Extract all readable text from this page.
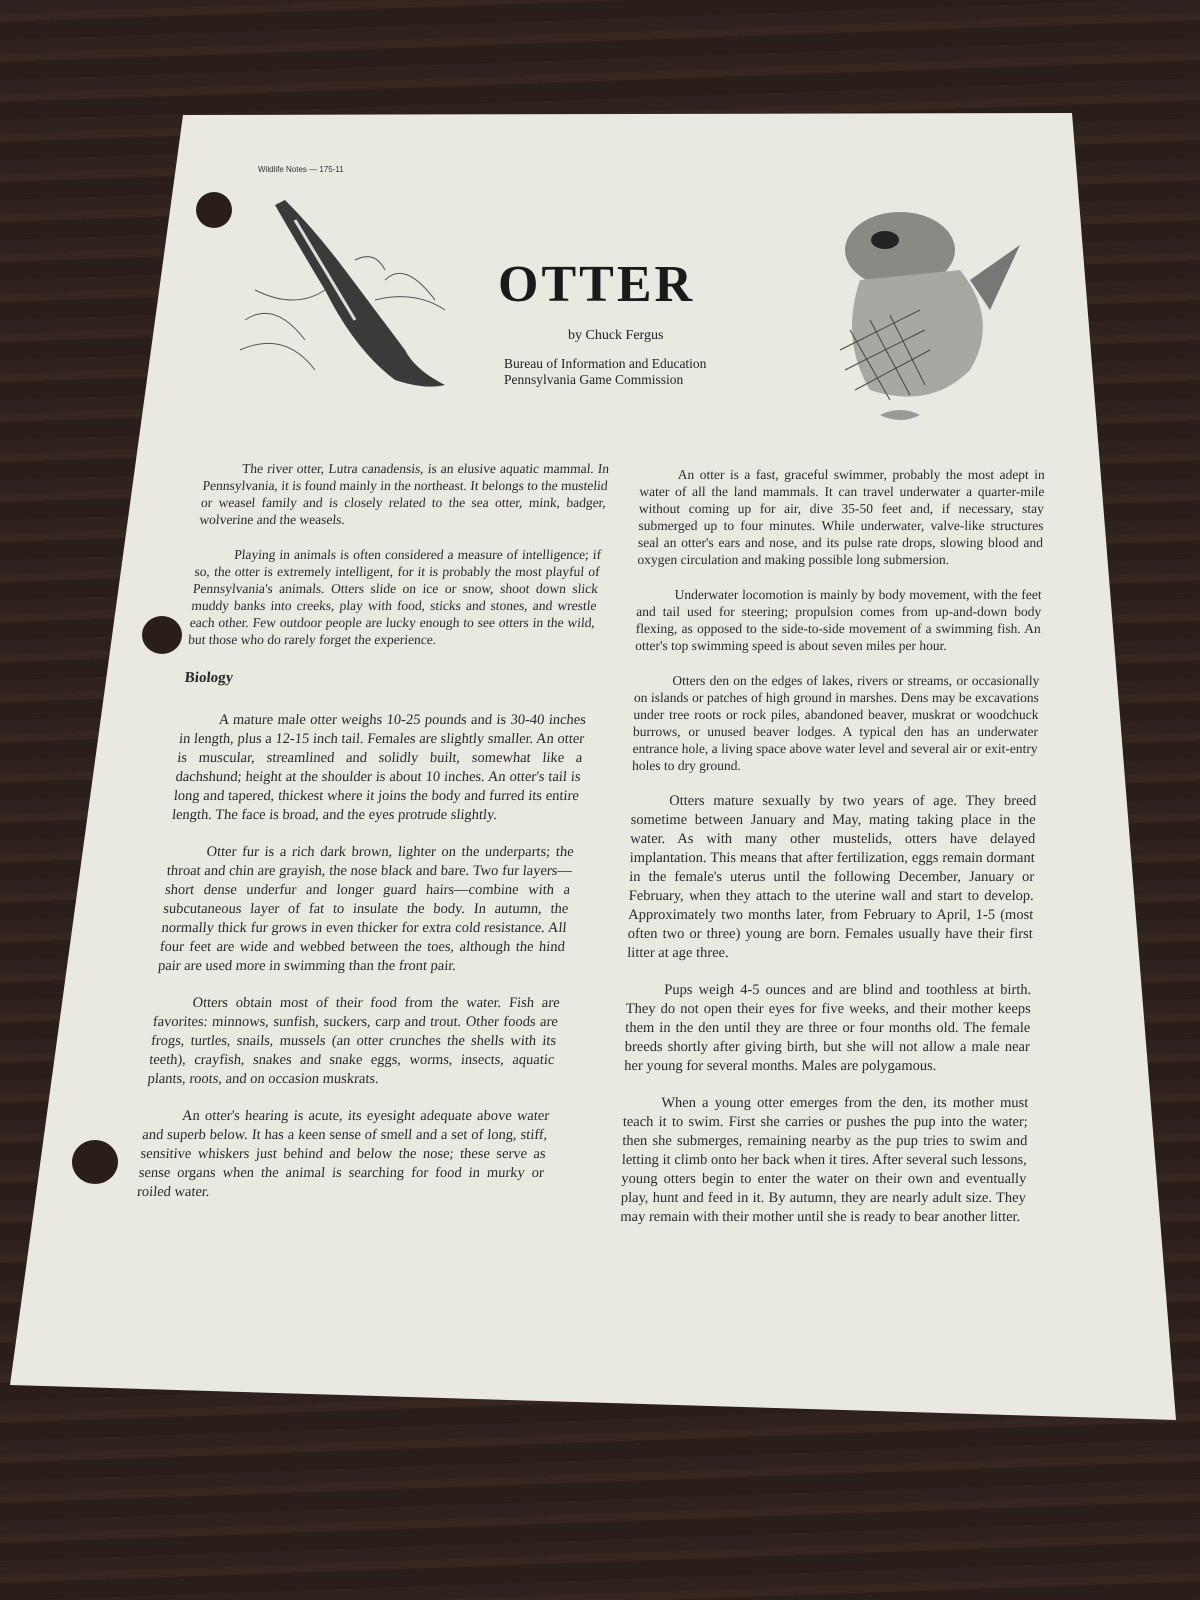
Wildlife Notes — 175-11
OTTER
by Chuck Fergus
Bureau of Information and Education
Pennsylvania Game Commission

The river otter, Lutra canadensis, is an elusive aquatic mammal. In Pennsylvania, it is found mainly in the northeast. It belongs to the mustelid or weasel family and is closely related to the sea otter, mink, badger, wolverine and the weasels.

Playing in animals is often considered a measure of intelligence; if so, the otter is extremely intelligent, for it is probably the most playful of Pennsylvania's animals. Otters slide on ice or snow, shoot down slick muddy banks into creeks, play with food, sticks and stones, and wrestle each other. Few outdoor people are lucky enough to see otters in the wild, but those who do rarely forget the experience.

Biology

A mature male otter weighs 10-25 pounds and is 30-40 inches in length, plus a 12-15 inch tail. Females are slightly smaller. An otter is muscular, streamlined and solidly built, somewhat like a dachshund; height at the shoulder is about 10 inches. An otter's tail is long and tapered, thickest where it joins the body and furred its entire length. The face is broad, and the eyes protrude slightly.

Otter fur is a rich dark brown, lighter on the underparts; the throat and chin are grayish, the nose black and bare. Two fur layers—short dense underfur and longer guard hairs—combine with a subcutaneous layer of fat to insulate the body. In autumn, the normally thick fur grows in even thicker for extra cold resistance. All four feet are wide and webbed between the toes, although the hind pair are used more in swimming than the front pair.

Otters obtain most of their food from the water. Fish are favorites: minnows, sunfish, suckers, carp and trout. Other foods are frogs, turtles, snails, mussels (an otter crunches the shells with its teeth), crayfish, snakes and snake eggs, worms, insects, aquatic plants, roots, and on occasion muskrats.

An otter's hearing is acute, its eyesight adequate above water and superb below. It has a keen sense of smell and a set of long, stiff, sensitive whiskers just behind and below the nose; these serve as sense organs when the animal is searching for food in murky or roiled water.

An otter is a fast, graceful swimmer, probably the most adept in water of all the land mammals. It can travel underwater a quarter-mile without coming up for air, dive 35-50 feet and, if necessary, stay submerged up to four minutes. While underwater, valve-like structures seal an otter's ears and nose, and its pulse rate drops, slowing blood and oxygen circulation and making possible long submersion.

Underwater locomotion is mainly by body movement, with the feet and tail used for steering; propulsion comes from up-and-down body flexing, as opposed to the side-to-side movement of a swimming fish. An otter's top swimming speed is about seven miles per hour.

Otters den on the edges of lakes, rivers or streams, or occasionally on islands or patches of high ground in marshes. Dens may be excavations under tree roots or rock piles, abandoned beaver, muskrat or woodchuck burrows, or unused beaver lodges. A typical den has an underwater entrance hole, a living space above water level and several air or exit-entry holes to dry ground.

Otters mature sexually by two years of age. They breed sometime between January and May, mating taking place in the water. As with many other mustelids, otters have delayed implantation. This means that after fertilization, eggs remain dormant in the female's uterus until the following December, January or February, when they attach to the uterine wall and start to develop. Approximately two months later, from February to April, 1-5 (most often two or three) young are born. Females usually have their first litter at age three.

Pups weigh 4-5 ounces and are blind and toothless at birth. They do not open their eyes for five weeks, and their mother keeps them in the den until they are three or four months old. The female breeds shortly after giving birth, but she will not allow a male near her young for several months. Males are polygamous.

When a young otter emerges from the den, its mother must teach it to swim. First she carries or pushes the pup into the water; then she submerges, remaining nearby as the pup tries to swim and letting it climb onto her back when it tires. After several such lessons, young otters begin to enter the water on their own and eventually play, hunt and feed in it. By autumn, they are nearly adult size. They may remain with their mother until she is ready to bear another litter.
